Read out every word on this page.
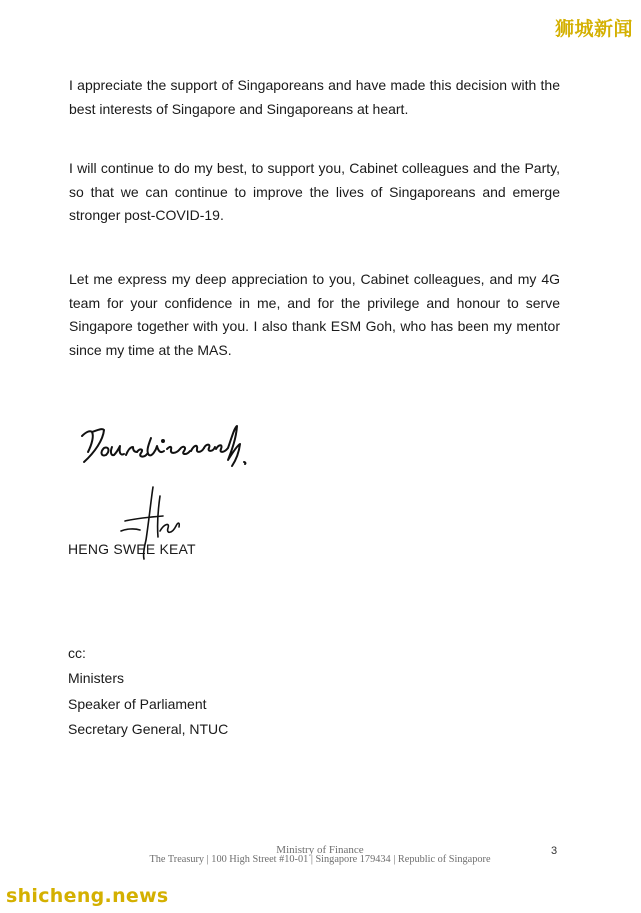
狮城新闻

I appreciate the support of Singaporeans and have made this decision with the best interests of Singapore and Singaporeans at heart.

I will continue to do my best, to support you, Cabinet colleagues and the Party, so that we can continue to improve the lives of Singaporeans and emerge stronger post-COVID-19.

Let me express my deep appreciation to you, Cabinet colleagues, and my 4G team for your confidence in me, and for the privilege and honour to serve Singapore together with you. I also thank ESM Goh, who has been my mentor since my time at the MAS.

HENG SWEE KEAT
cc:
Ministers
Speaker of Parliament
Secretary General, NTUC
Ministry of Finance
The Treasury | 100 High Street #10-01 | Singapore 179434 | Republic of Singapore
3
shicheng.news
